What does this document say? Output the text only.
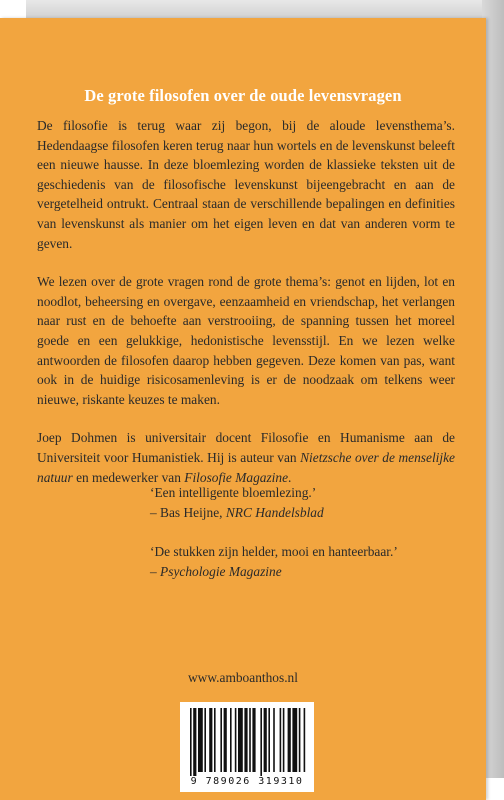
De grote filosofen over de oude levensvragen

De filosofie is terug waar zij begon, bij de aloude levensthema’s. Hedendaagse filosofen keren terug naar hun wortels en de levenskunst beleeft een nieuwe hausse. In deze bloemlezing worden de klassieke teksten uit de geschiedenis van de filosofische levenskunst bijeengebracht en aan de vergetelheid ontrukt. Centraal staan de verschillende bepalingen en definities van levenskunst als manier om het eigen leven en dat van anderen vorm te geven.

We lezen over de grote vragen rond de grote thema’s: genot en lijden, lot en noodlot, beheersing en overgave, eenzaamheid en vriendschap, het verlangen naar rust en de behoefte aan verstrooiing, de spanning tussen het moreel goede en een gelukkige, hedonistische levensstijl. En we lezen welke antwoorden de filosofen daarop hebben gegeven. Deze komen van pas, want ook in de huidige risicosamenleving is er de noodzaak om telkens weer nieuwe, riskante keuzes te maken.

Joep Dohmen is universitair docent Filosofie en Humanisme aan de Universiteit voor Humanistiek. Hij is auteur van Nietzsche over de menselijke natuur en medewerker van Filosofie Magazine.

‘Een intelligente bloemlezing.’
– Bas Heijne, NRC Handelsblad
‘De stukken zijn helder, mooi en hanteerbaar.’
– Psychologie Magazine
www.amboanthos.nl
9 789026 319310
